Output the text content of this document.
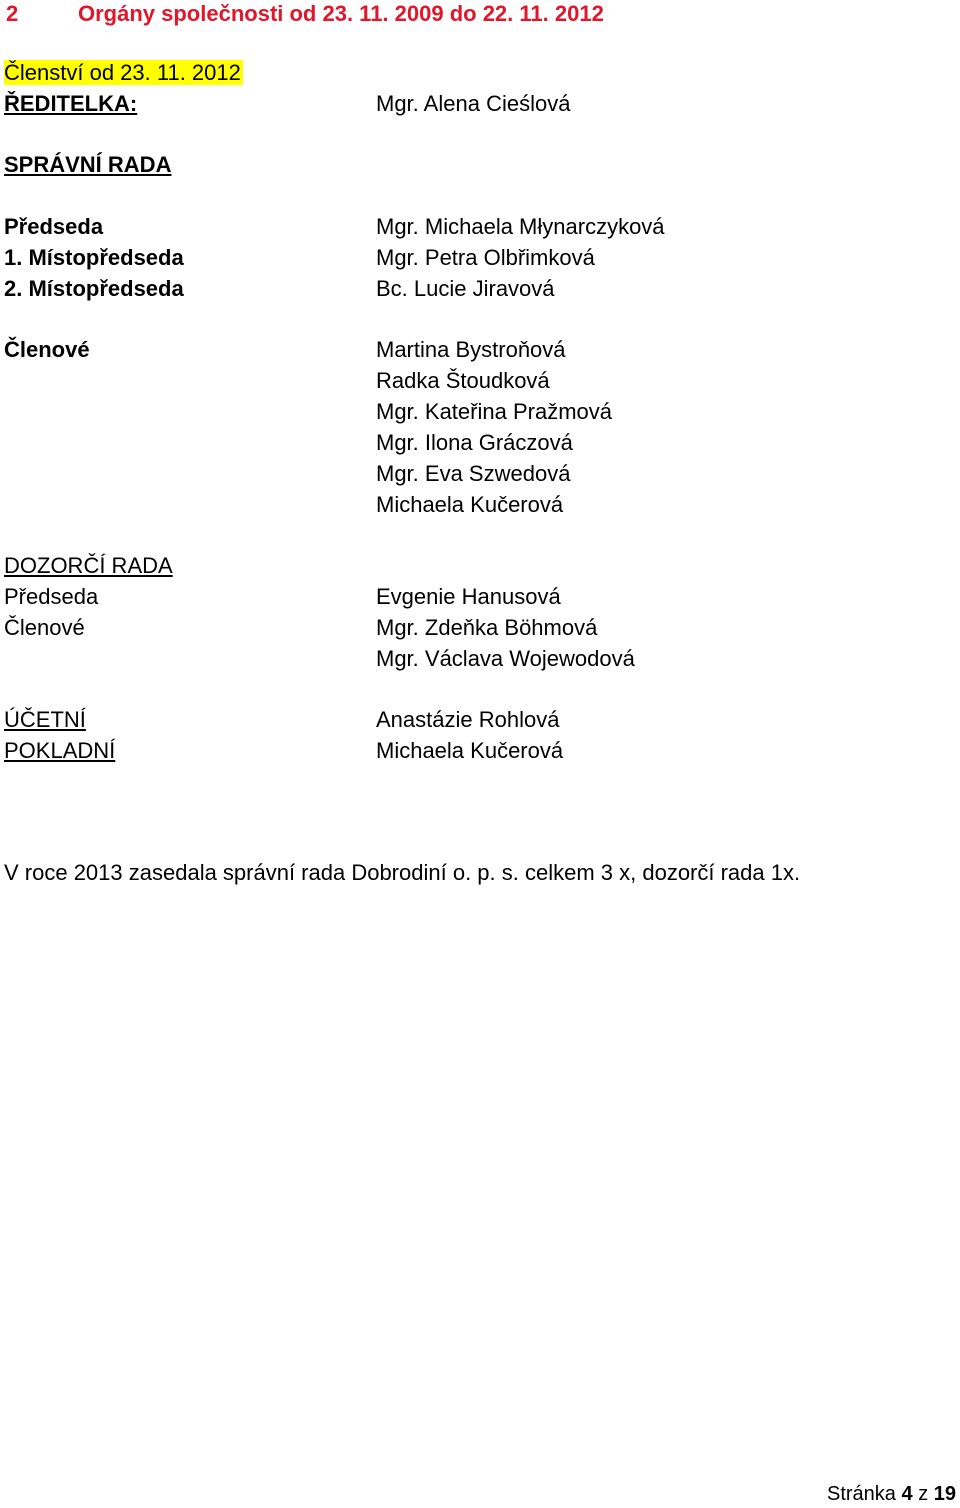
2	Orgány společnosti od 23. 11. 2009 do 22. 11. 2012
Členství od 23. 11. 2012
ŘEDITELKA:	Mgr. Alena Cieślová
SPRÁVNÍ RADA
Předseda	Mgr. Michaela Młynarczyková
1. Místopředseda	Mgr. Petra Olbřimková
2. Místopředseda	Bc. Lucie Jiravová
Členové	Martina Bystroňová
Radka Štoudková
Mgr. Kateřina Pražmová
Mgr. Ilona Gráczová
Mgr. Eva Szwedová
Michaela Kučerová
DOZORČÍ RADA
Předseda	Evgenie Hanusová
Členové	Mgr. Zdeňka Böhmová
Mgr. Václava Wojewodová
ÚČETNÍ	Anastázie Rohlová
POKLADNÍ	Michaela Kučerová
V roce 2013 zasedala správní rada Dobrodiní o. p. s. celkem 3 x, dozorčí rada 1x.
Stránka 4 z 19
